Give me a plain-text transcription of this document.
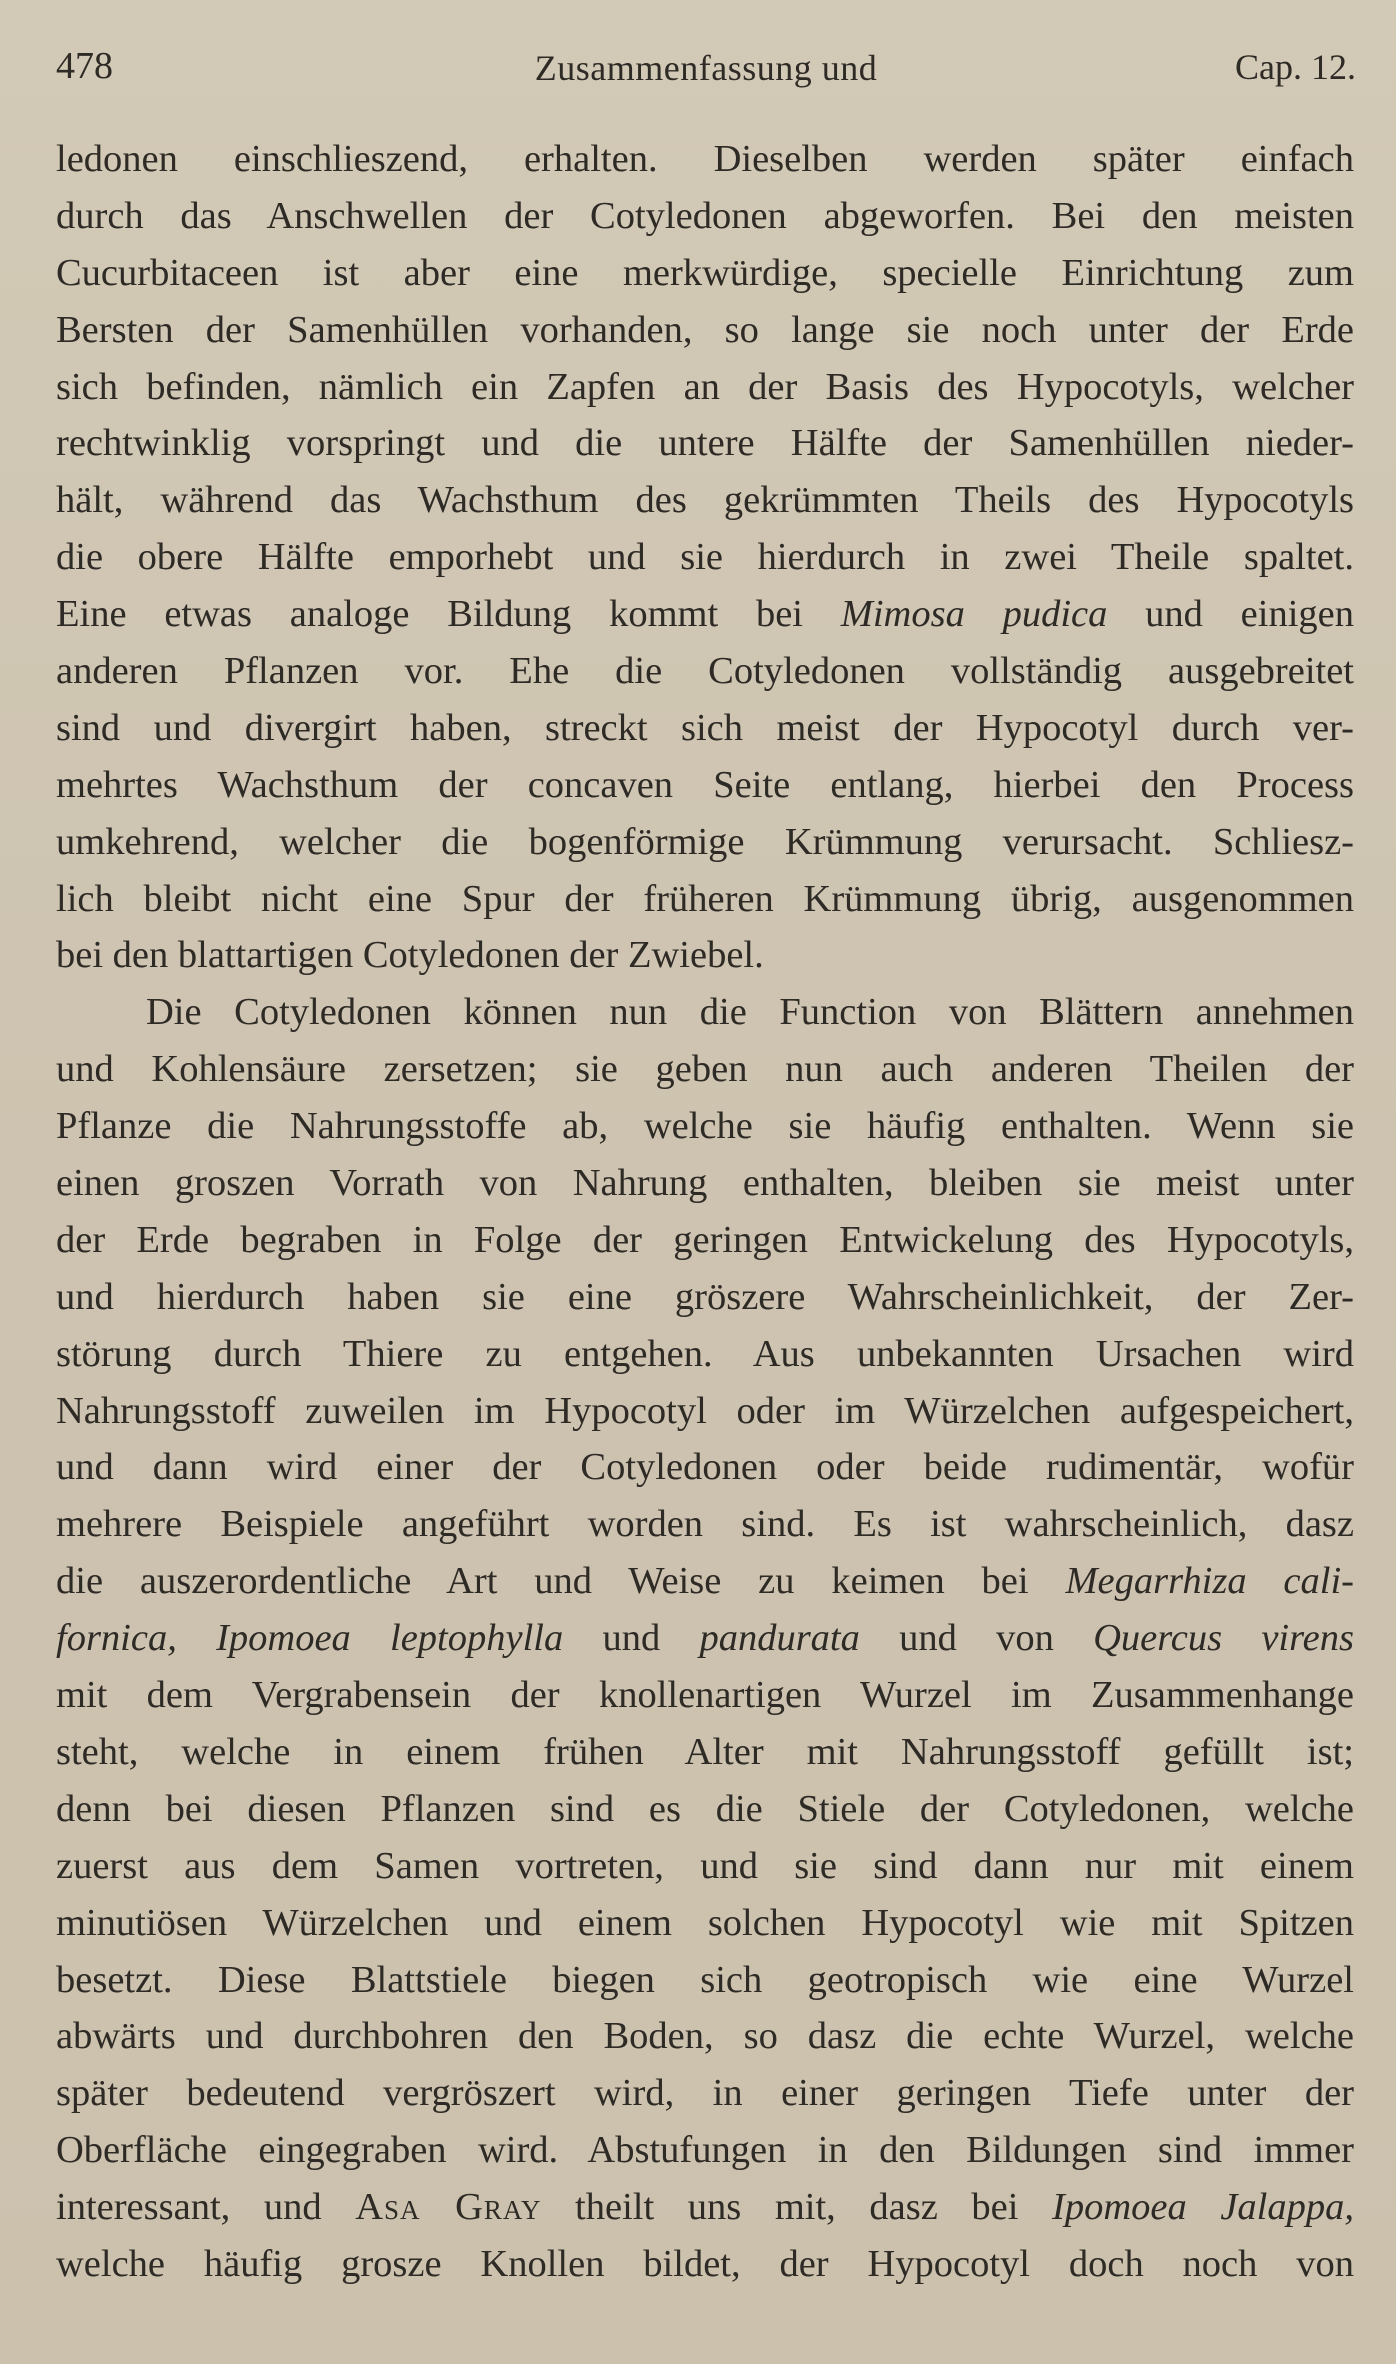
478	Zusammenfassung und	Cap. 12.
ledonen einschlieszend, erhalten. Dieselben werden später einfach
durch das Anschwellen der Cotyledonen abgeworfen. Bei den meisten
Cucurbitaceen ist aber eine merkwürdige, specielle Einrichtung zum
Bersten der Samenhüllen vorhanden, so lange sie noch unter der Erde
sich befinden, nämlich ein Zapfen an der Basis des Hypocotyls, welcher
rechtwinklig vorspringt und die untere Hälfte der Samenhüllen nieder-
hält, während das Wachsthum des gekrümmten Theils des Hypocotyls
die obere Hälfte emporhebt und sie hierdurch in zwei Theile spaltet.
Eine etwas analoge Bildung kommt bei Mimosa pudica und einigen
anderen Pflanzen vor. Ehe die Cotyledonen vollständig ausgebreitet
sind und divergirt haben, streckt sich meist der Hypocotyl durch ver-
mehrtes Wachsthum der concaven Seite entlang, hierbei den Process
umkehrend, welcher die bogenförmige Krümmung verursacht. Schliesz-
lich bleibt nicht eine Spur der früheren Krümmung übrig, ausgenommen
bei den blattartigen Cotyledonen der Zwiebel.
Die Cotyledonen können nun die Function von Blättern annehmen
und Kohlensäure zersetzen; sie geben nun auch anderen Theilen der
Pflanze die Nahrungsstoffe ab, welche sie häufig enthalten. Wenn sie
einen groszen Vorrath von Nahrung enthalten, bleiben sie meist unter
der Erde begraben in Folge der geringen Entwickelung des Hypocotyls,
und hierdurch haben sie eine gröszere Wahrscheinlichkeit, der Zer-
störung durch Thiere zu entgehen. Aus unbekannten Ursachen wird
Nahrungsstoff zuweilen im Hypocotyl oder im Würzelchen aufgespeichert,
und dann wird einer der Cotyledonen oder beide rudimentär, wofür
mehrere Beispiele angeführt worden sind. Es ist wahrscheinlich, dasz
die auszerordentliche Art und Weise zu keimen bei Megarrhiza cali-
fornica, Ipomoea leptophylla und pandurata und von Quercus virens
mit dem Vergrabensein der knollenartigen Wurzel im Zusammenhange
steht, welche in einem frühen Alter mit Nahrungsstoff gefüllt ist;
denn bei diesen Pflanzen sind es die Stiele der Cotyledonen, welche
zuerst aus dem Samen vortreten, und sie sind dann nur mit einem
minutiösen Würzelchen und einem solchen Hypocotyl wie mit Spitzen
besetzt. Diese Blattstiele biegen sich geotropisch wie eine Wurzel
abwärts und durchbohren den Boden, so dasz die echte Wurzel, welche
später bedeutend vergröszert wird, in einer geringen Tiefe unter der
Oberfläche eingegraben wird. Abstufungen in den Bildungen sind immer
interessant, und Asa Gray theilt uns mit, dasz bei Ipomoea Jalappa,
welche häufig grosze Knollen bildet, der Hypocotyl doch noch von
